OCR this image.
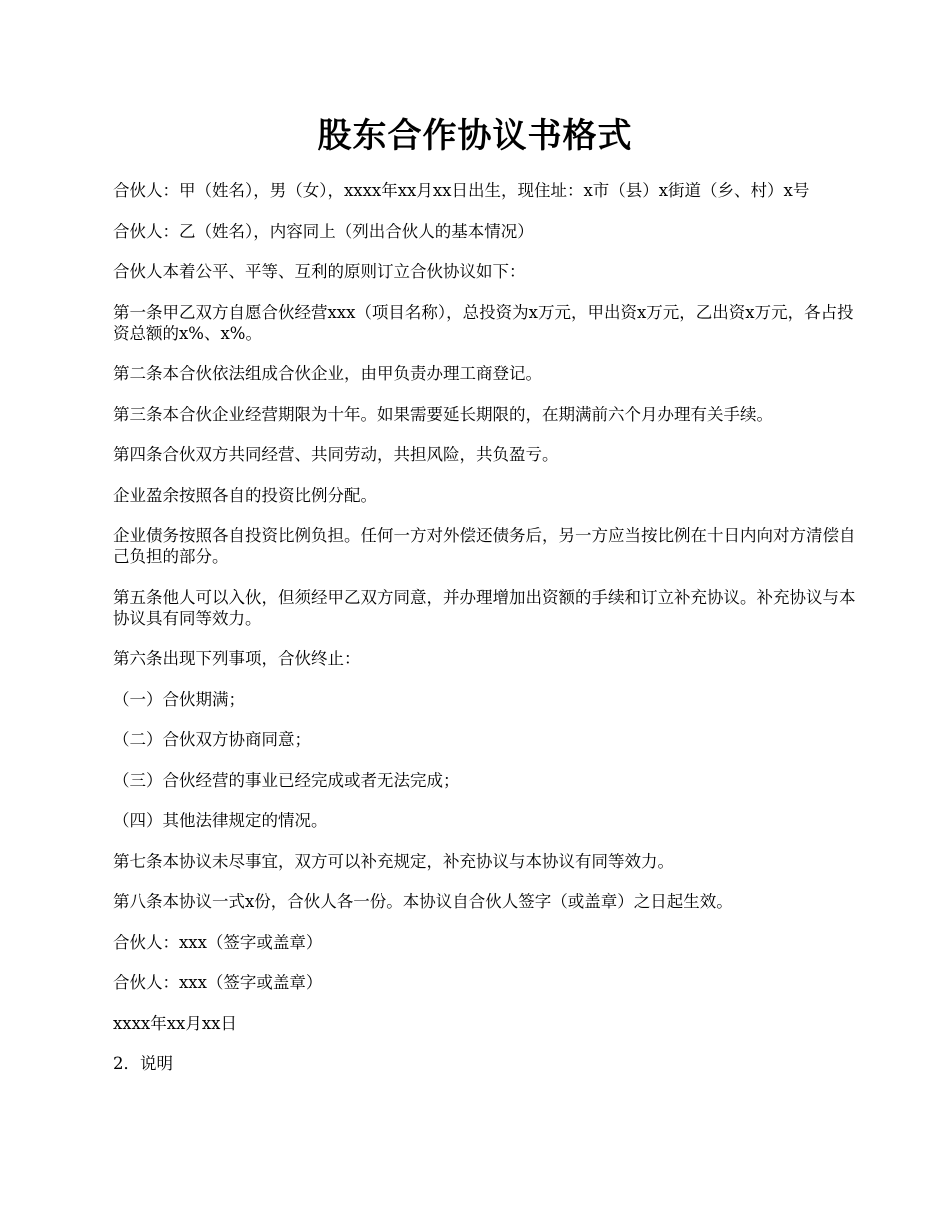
股东合作协议书格式

合伙人：甲（姓名），男（女），xxxx年xx月xx日出生，现住址：x市（县）x街道（乡、村）x号

合伙人：乙（姓名），内容同上（列出合伙人的基本情况）

合伙人本着公平、平等、互利的原则订立合伙协议如下：

第一条甲乙双方自愿合伙经营xxx（项目名称），总投资为x万元，甲出资x万元，乙出资x万元，各占投资总额的x%、x%。

第二条本合伙依法组成合伙企业，由甲负责办理工商登记。

第三条本合伙企业经营期限为十年。如果需要延长期限的，在期满前六个月办理有关手续。

第四条合伙双方共同经营、共同劳动，共担风险，共负盈亏。

企业盈余按照各自的投资比例分配。

企业债务按照各自投资比例负担。任何一方对外偿还债务后，另一方应当按比例在十日内向对方清偿自己负担的部分。

第五条他人可以入伙，但须经甲乙双方同意，并办理增加出资额的手续和订立补充协议。补充协议与本协议具有同等效力。

第六条出现下列事项，合伙终止：

（一）合伙期满；

（二）合伙双方协商同意；

（三）合伙经营的事业已经完成或者无法完成；

（四）其他法律规定的情况。

第七条本协议未尽事宜，双方可以补充规定，补充协议与本协议有同等效力。

第八条本协议一式x份，合伙人各一份。本协议自合伙人签字（或盖章）之日起生效。

合伙人：xxx（签字或盖章）

合伙人：xxx（签字或盖章）

xxxx年xx月xx日

2．说明
